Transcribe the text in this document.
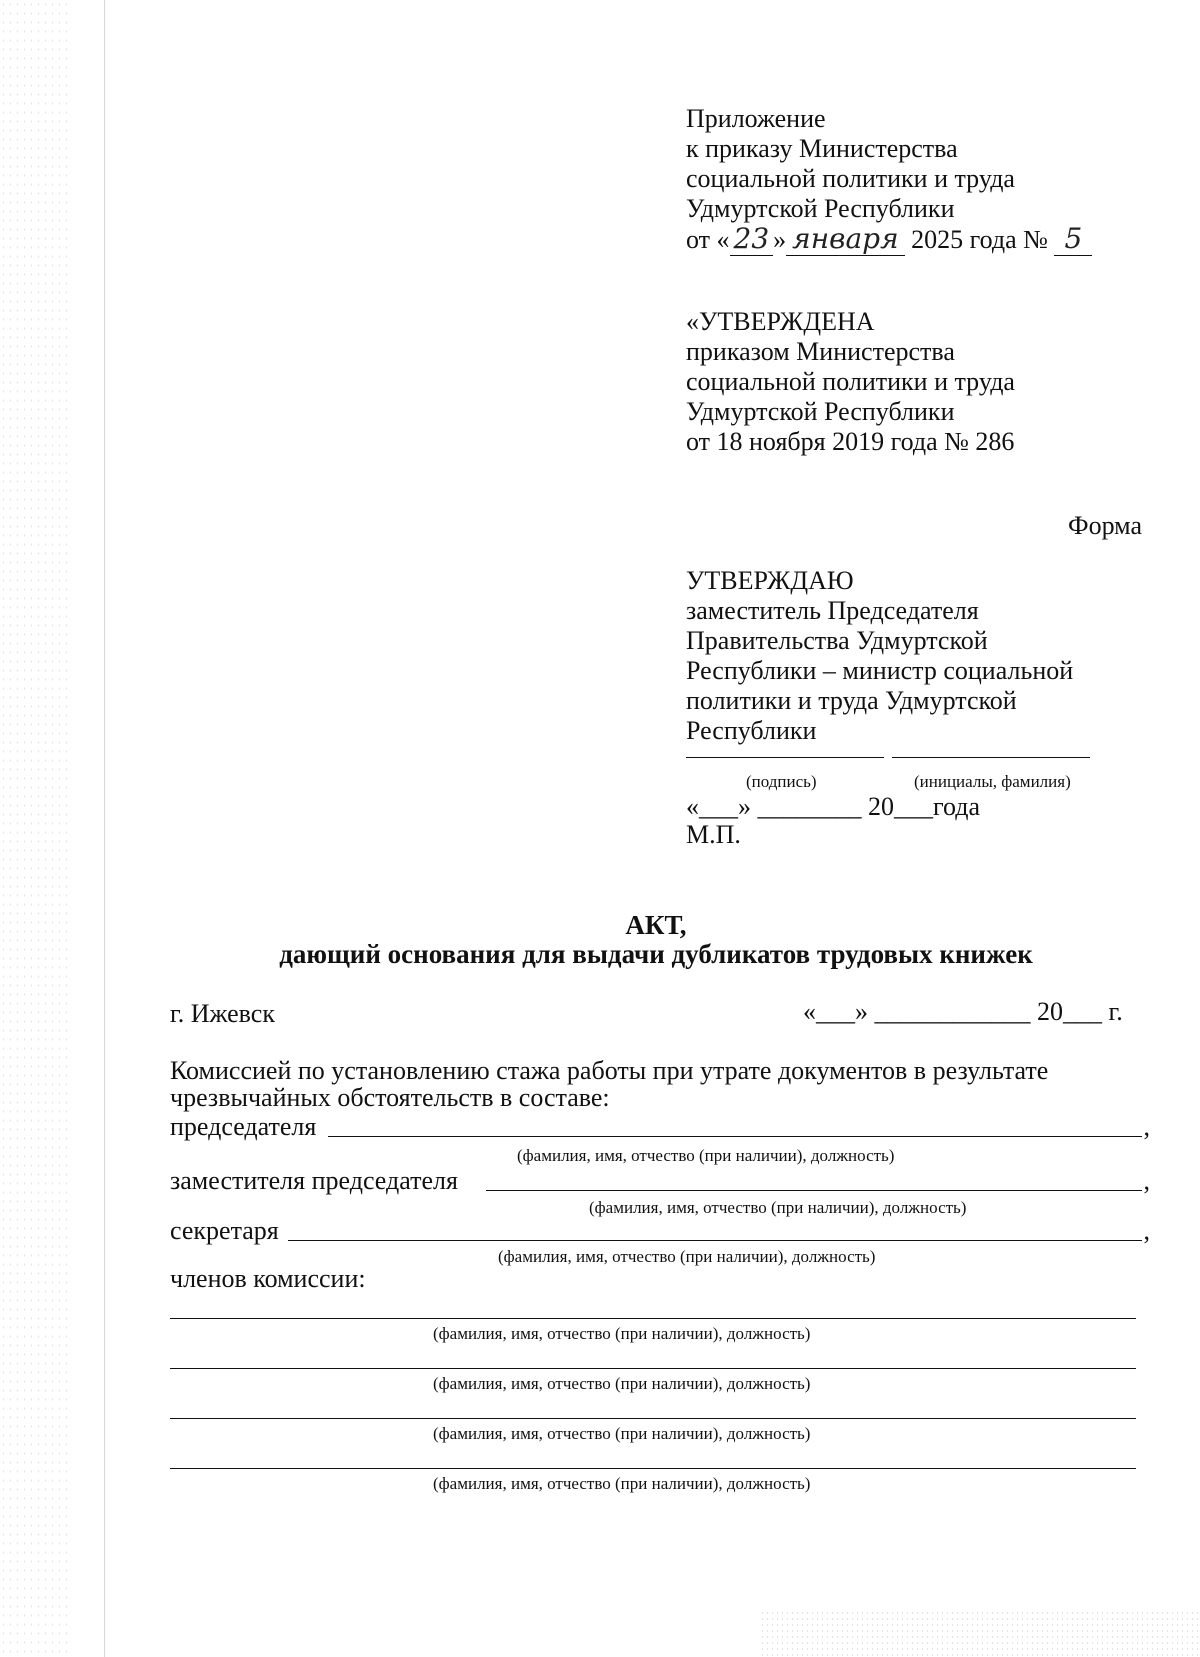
Приложение
к приказу Министерства
социальной политики и труда
Удмуртской Республики
от « 23 » января 2025 года № 5
«УТВЕРЖДЕНА
приказом Министерства
социальной политики и труда
Удмуртской Республики
от 18 ноября 2019 года № 286
Форма
УТВЕРЖДАЮ
заместитель Председателя
Правительства Удмуртской
Республики – министр социальной
политики и труда Удмуртской
Республики
(подпись)	(инициалы, фамилия)
«___» ________ 20___года
М.П.
АКТ,
дающий основания для выдачи дубликатов трудовых книжек
г. Ижевск	«___» ____________ 20___ г.
Комиссией по установлению стажа работы при утрате документов в результате чрезвычайных обстоятельств в составе:
председателя	,
(фамилия, имя, отчество (при наличии), должность)
заместителя председателя	,
(фамилия, имя, отчество (при наличии), должность)
секретаря	,
(фамилия, имя, отчество (при наличии), должность)
членов комиссии:
(фамилия, имя, отчество (при наличии), должность)
(фамилия, имя, отчество (при наличии), должность)
(фамилия, имя, отчество (при наличии), должность)
(фамилия, имя, отчество (при наличии), должность)
